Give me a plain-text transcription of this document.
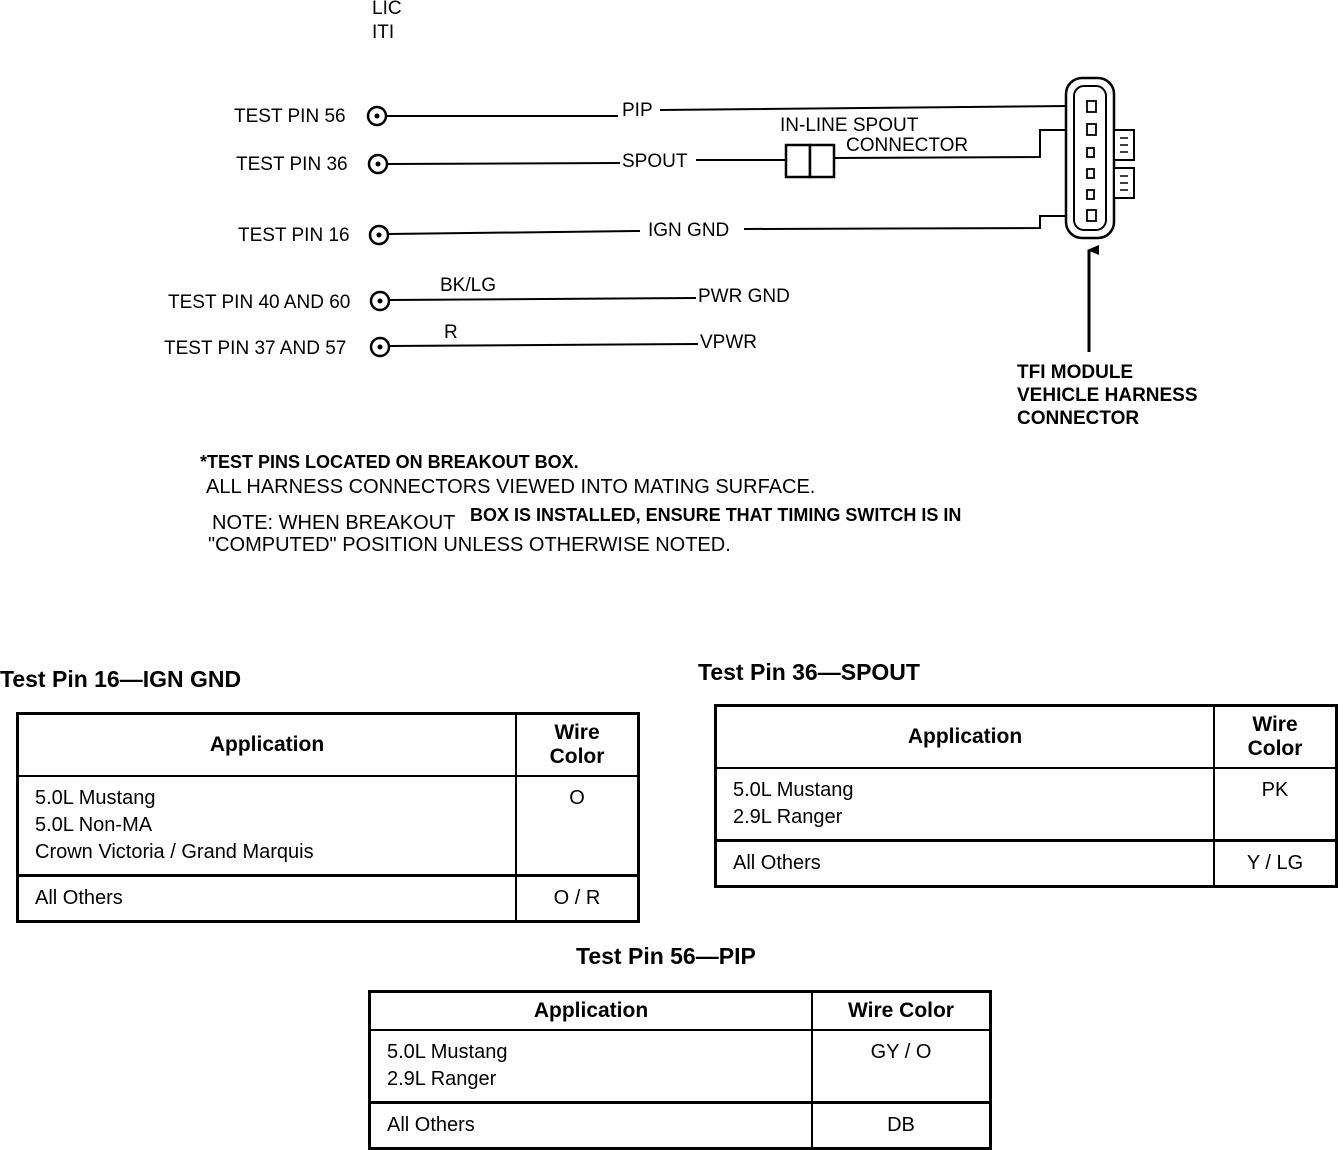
LIC
ITI
TEST PIN 56	PIP
TEST PIN 36	SPOUT
IN-LINE SPOUT
CONNECTOR
TEST PIN 16	IGN GND
TEST PIN 40 AND 60
BK/LG
PWR GND
TEST PIN 37 AND 57
R	VPWR
TFI MODULE
VEHICLE HARNESS
CONNECTOR
*TEST PINS LOCATED ON BREAKOUT BOX.
ALL HARNESS CONNECTORS VIEWED INTO MATING SURFACE.
NOTE: WHEN BREAKOUT BOX IS INSTALLED, ENSURE THAT TIMING SWITCH IS IN
"COMPUTED" POSITION UNLESS OTHERWISE NOTED.
Test Pin 16—IGN GND
Application	Wire Color

5.0L Mustang
5.0L Non-MA
Crown Victoria / Grand Marquis	O

All Others	O / R
Test Pin 36—SPOUT
Application	Wire Color

5.0L Mustang
2.9L Ranger	PK

All Others	Y / LG
Test Pin 56—PIP
Application	Wire Color

5.0L Mustang
2.9L Ranger	GY / O

All Others	DB
